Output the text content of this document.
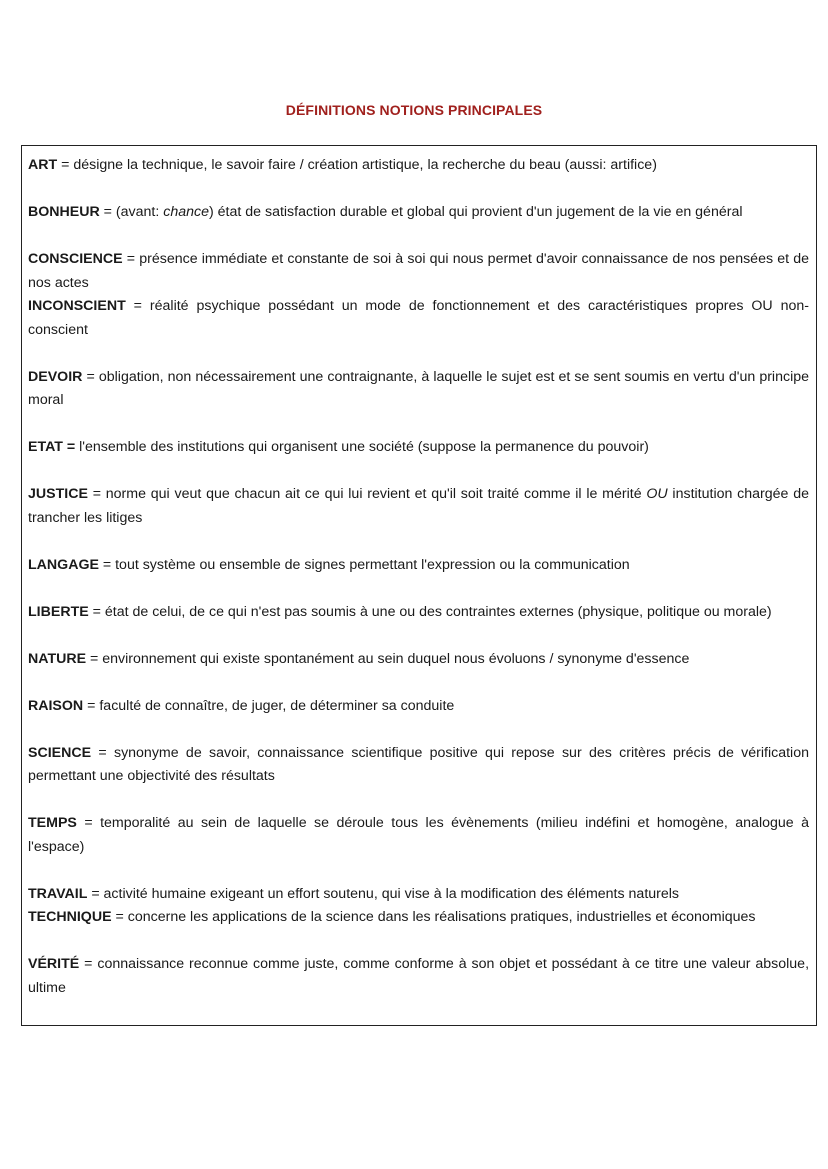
DÉFINITIONS NOTIONS PRINCIPALES
ART = désigne la technique, le savoir faire / création artistique, la recherche du beau (aussi: artifice)
BONHEUR = (avant: chance) état de satisfaction durable et global qui provient d'un jugement de la vie en général
CONSCIENCE = présence immédiate et constante de soi à soi qui nous permet d'avoir connaissance de nos pensées et de nos actes
INCONSCIENT = réalité psychique possédant un mode de fonctionnement et des caractéristiques propres OU non-conscient
DEVOIR = obligation, non nécessairement une contraignante, à laquelle le sujet est et se sent soumis en vertu d'un principe moral
ETAT = l'ensemble des institutions qui organisent une société (suppose la permanence du pouvoir)
JUSTICE = norme qui veut que chacun ait ce qui lui revient et qu'il soit traité comme il le mérité OU institution chargée de trancher les litiges
LANGAGE = tout système ou ensemble de signes permettant l'expression ou la communication
LIBERTE = état de celui, de ce qui n'est pas soumis à une ou des contraintes externes (physique, politique ou morale)
NATURE = environnement qui existe spontanément au sein duquel nous évoluons / synonyme d'essence
RAISON = faculté de connaître, de juger, de déterminer sa conduite
SCIENCE = synonyme de savoir, connaissance scientifique positive qui repose sur des critères précis de vérification permettant une objectivité des résultats
TEMPS = temporalité au sein de laquelle se déroule tous les évènements (milieu indéfini et homogène, analogue à l'espace)
TRAVAIL = activité humaine exigeant un effort soutenu, qui vise à la modification des éléments naturels
TECHNIQUE = concerne les applications de la science dans les réalisations pratiques, industrielles et économiques
VÉRITÉ = connaissance reconnue comme juste, comme conforme à son objet et possédant à ce titre une valeur absolue, ultime
